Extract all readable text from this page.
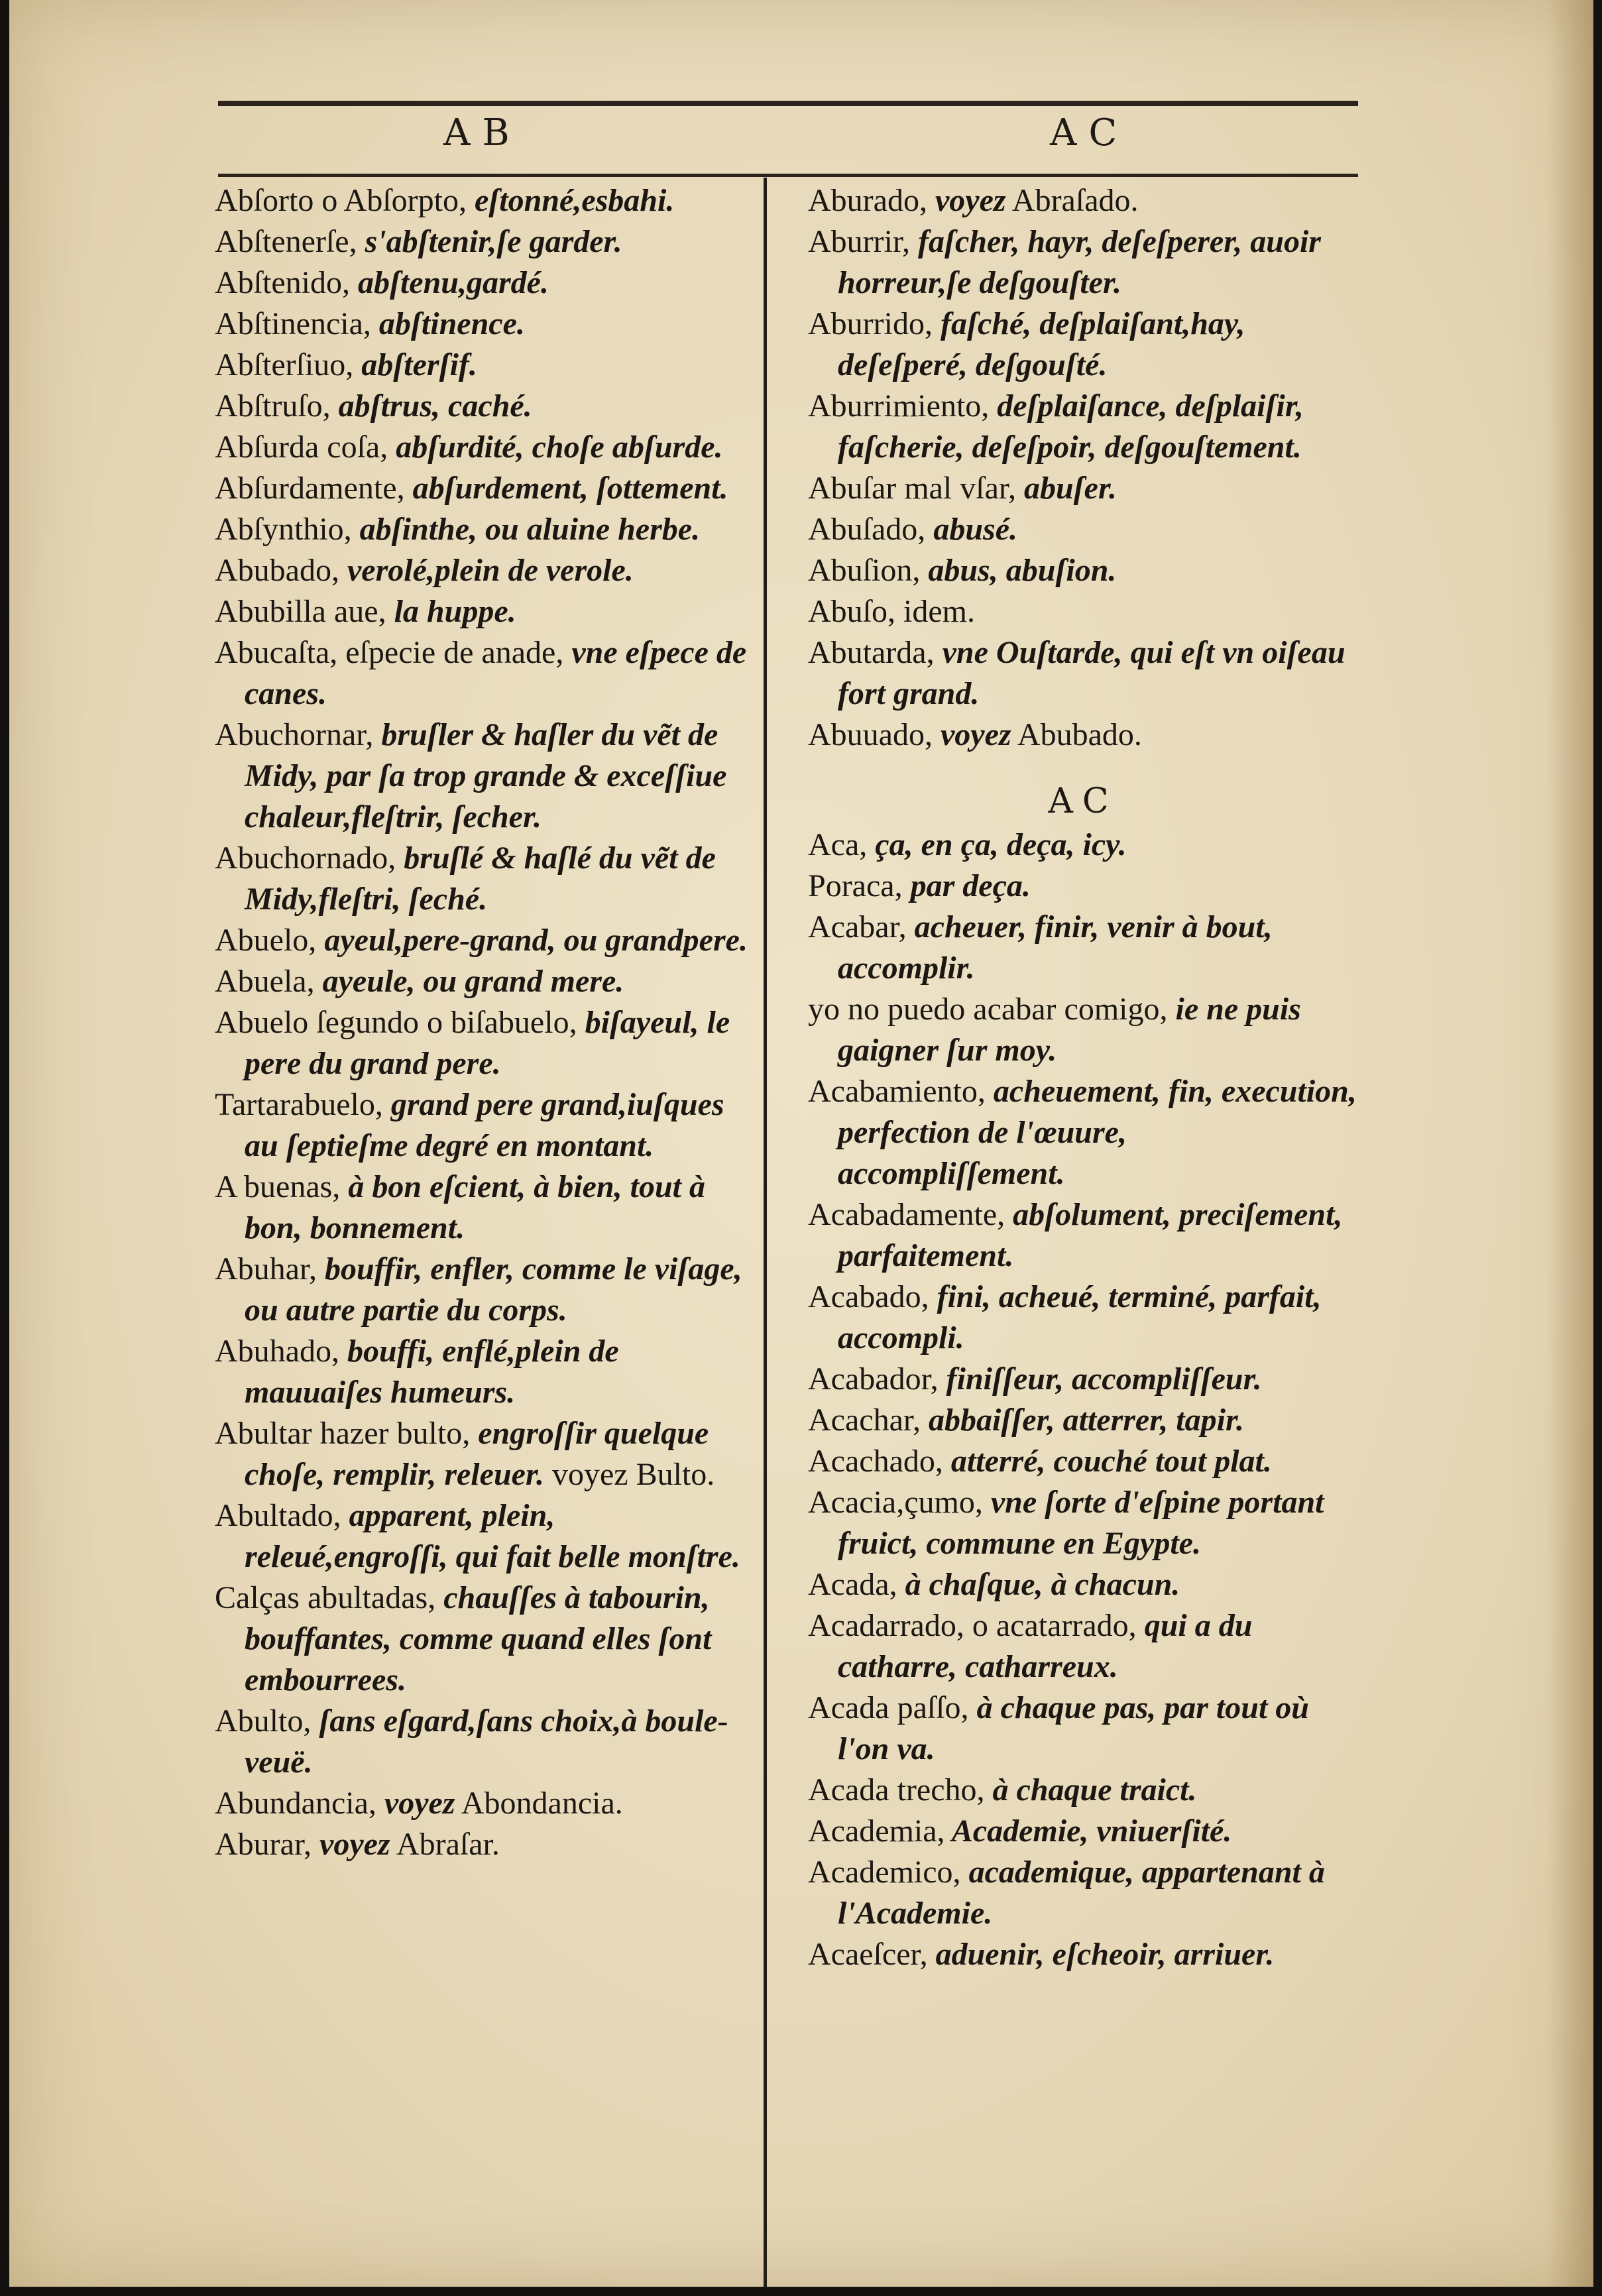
AB	AC

Abſorto o Abſorpto, eſtonné,esbahi.

Abſtenerſe, s'abſtenir,ſe garder.

Abſtenido, abſtenu,gardé.

Abſtinencia, abſtinence.

Abſterſiuo, abſterſif.

Abſtruſo, abſtrus, caché.

Abſurda coſa, abſurdité, choſe abſurde.

Abſurdamente, abſurdement, ſottement.

Abſynthio, abſinthe, ou aluine herbe.

Abubado, verolé,plein de verole.

Abubilla aue, la huppe.

Abucaſta, eſpecie de anade, vne eſpece de canes.

Abuchornar, bruſler & haſler du vẽt de Midy, par ſa trop grande & exceſſiue chaleur,fleſtrir, ſecher.

Abuchornado, bruſlé & haſlé du vẽt de Midy,fleſtri, ſeché.

Abuelo, ayeul,pere-grand, ou grandpere.

Abuela, ayeule, ou grand mere.

Abuelo ſegundo o biſabuelo, biſayeul, le pere du grand pere.

Tartarabuelo, grand pere grand,iuſques au ſeptieſme degré en montant.

A buenas, à bon eſcient, à bien, tout à bon, bonnement.

Abuhar, bouffir, enfler, comme le viſage, ou autre partie du corps.

Abuhado, bouffi, enflé,plein de mauuaiſes humeurs.

Abultar hazer bulto, engroſſir quelque choſe, remplir, releuer. voyez Bulto.

Abultado, apparent, plein, releué,engroſſi, qui fait belle monſtre.

Calças abultadas, chauſſes à tabourin, bouffantes, comme quand elles ſont embourrees.

Abulto, ſans eſgard,ſans choix,à boule- veuë.

Abundancia, voyez Abondancia.

Aburar, voyez Abraſar.

Aburado, voyez Abraſado.

Aburrir, faſcher, hayr, deſeſperer, auoir horreur,ſe deſgouſter.

Aburrido, faſché, deſplaiſant,hay, deſeſperé, deſgouſté.

Aburrimiento, deſplaiſance, deſplaiſir, faſcherie, deſeſpoir, deſgouſtement.

Abuſar mal vſar, abuſer.

Abuſado, abusé.

Abuſion, abus, abuſion.

Abuſo, idem.

Abutarda, vne Ouſtarde, qui eſt vn oiſeau fort grand.

Abuuado, voyez Abubado.

AC

Aca, ça, en ça, deça, icy.

Poraca, par deça.

Acabar, acheuer, finir, venir à bout, accomplir.

yo no puedo acabar comigo, ie ne puis gaigner ſur moy.

Acabamiento, acheuement, fin, execution, perfection de l'œuure, accompliſſement.

Acabadamente, abſolument, preciſement, parfaitement.

Acabado, fini, acheué, terminé, parfait, accompli.

Acabador, finiſſeur, accompliſſeur.

Acachar, abbaiſſer, atterrer, tapir.

Acachado, atterré, couché tout plat.

Acacia,çumo, vne ſorte d'eſpine portant fruict, commune en Egypte.

Acada, à chaſque, à chacun.

Acadarrado, o acatarrado, qui a du catharre, catharreux.

Acada paſſo, à chaque pas, par tout où l'on va.

Acada trecho, à chaque traict.

Academia, Academie, vniuerſité.

Academico, academique, appartenant à l'Academie.

Acaeſcer, aduenir, eſcheoir, arriuer.
